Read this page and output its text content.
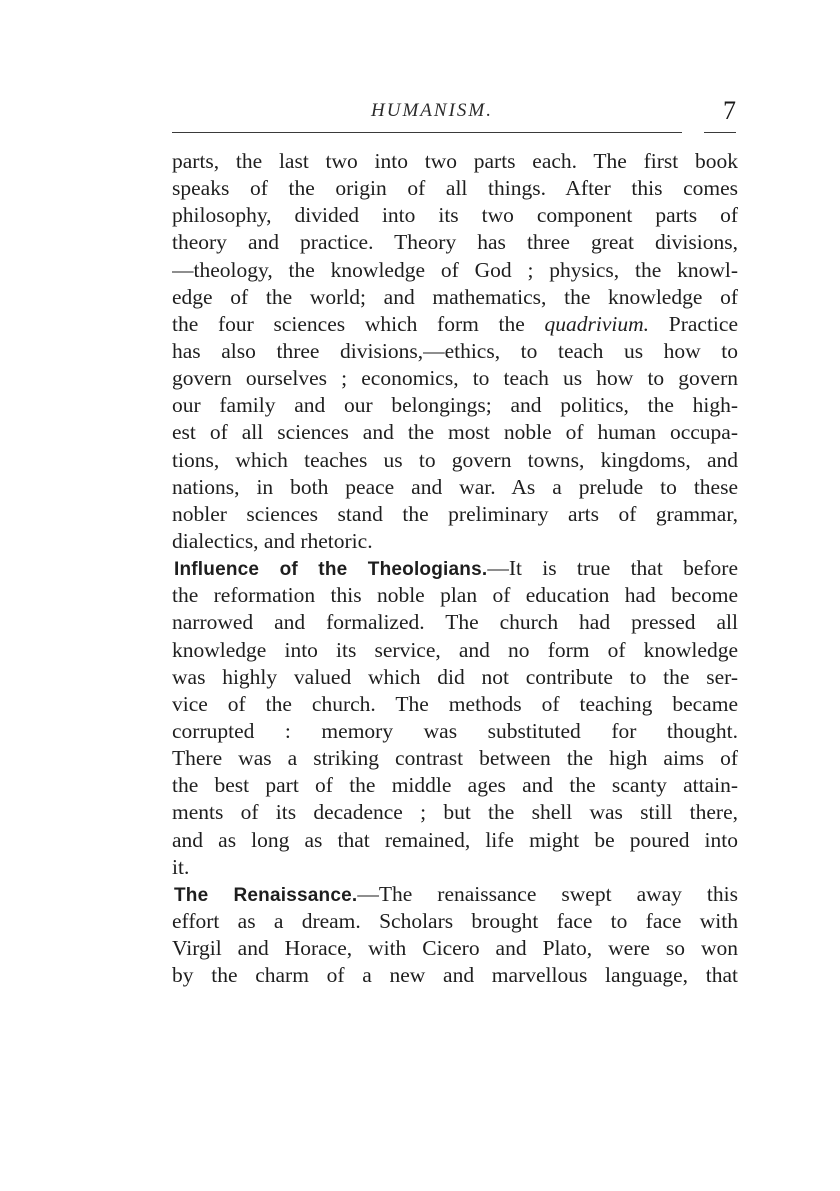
HUMANISM.	7
parts, the last two into two parts each. The first book
speaks of the origin of all things. After this comes
philosophy, divided into its two component parts of
theory and practice. Theory has three great divisions,
—theology, the knowledge of God ; physics, the knowl-
edge of the world; and mathematics, the knowledge of
the four sciences which form the quadrivium. Practice
has also three divisions,—ethics, to teach us how to
govern ourselves ; economics, to teach us how to govern
our family and our belongings; and politics, the high-
est of all sciences and the most noble of human occupa-
tions, which teaches us to govern towns, kingdoms, and
nations, in both peace and war. As a prelude to these
nobler sciences stand the preliminary arts of grammar,
dialectics, and rhetoric.
Influence of the Theologians.—It is true that before
the reformation this noble plan of education had become
narrowed and formalized. The church had pressed all
knowledge into its service, and no form of knowledge
was highly valued which did not contribute to the ser-
vice of the church. The methods of teaching became
corrupted : memory was substituted for thought.
There was a striking contrast between the high aims of
the best part of the middle ages and the scanty attain-
ments of its decadence ; but the shell was still there,
and as long as that remained, life might be poured into
it.
The Renaissance.—The renaissance swept away this
effort as a dream. Scholars brought face to face with
Virgil and Horace, with Cicero and Plato, were so won
by the charm of a new and marvellous language, that
